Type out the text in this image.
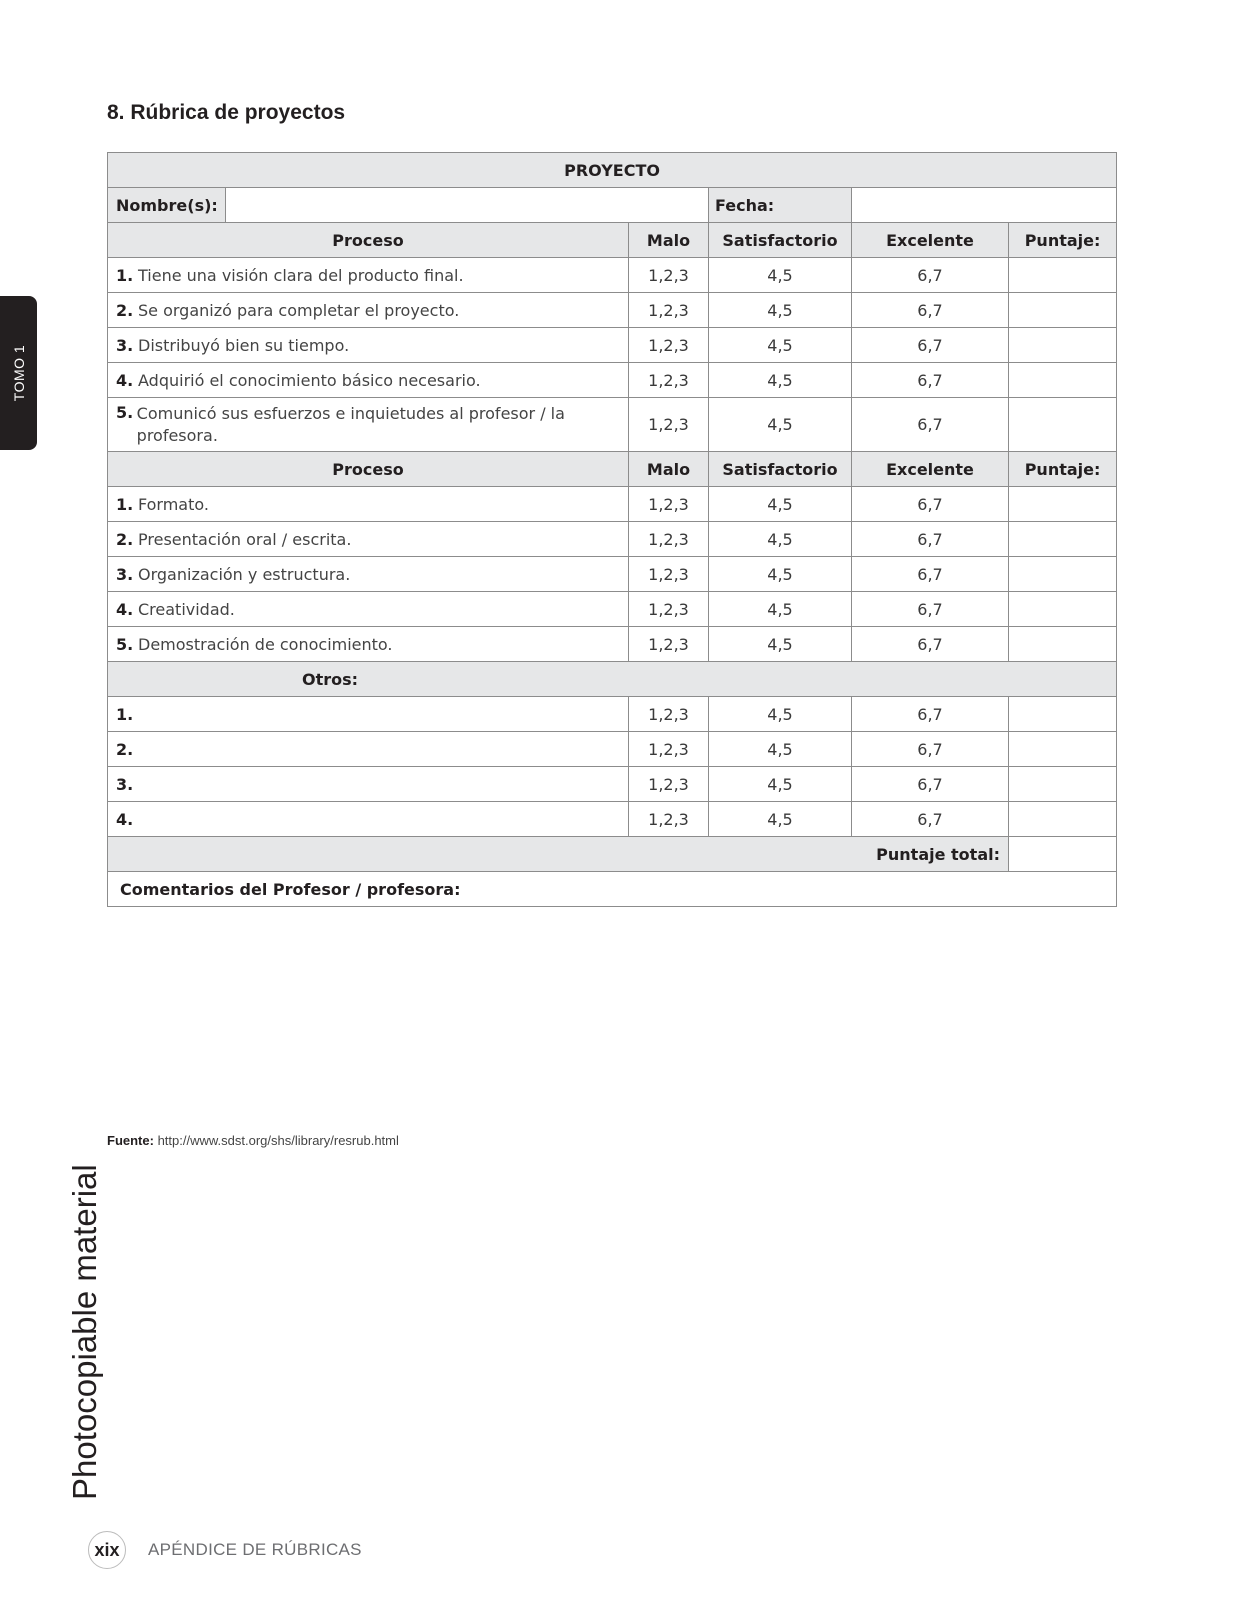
TOMO 1
Photocopiable material
8. Rúbrica de proyectos
PROYECTO					
Nombre(s):			Fecha:		
Proceso		Malo	Satisfactorio	Excelente	Puntaje:
1. Tiene una visión clara del producto final.		1,2,3	4,5	6,7	
2. Se organizó para completar el proyecto.		1,2,3	4,5	6,7	
3. Distribuyó bien su tiempo.		1,2,3	4,5	6,7	
4. Adquirió el conocimiento básico necesario.		1,2,3	4,5	6,7	

5. Comunicó sus esfuerzos e inquietudes al profesor / la profesora.		1,2,3	4,5	6,7	
Proceso		Malo	Satisfactorio	Excelente	Puntaje:
1. Formato.		1,2,3	4,5	6,7	
2. Presentación oral / escrita.		1,2,3	4,5	6,7	
3. Organización y estructura.		1,2,3	4,5	6,7	
4. Creatividad.		1,2,3	4,5	6,7	
5. Demostración de conocimiento.		1,2,3	4,5	6,7	
Otros:					
1.		1,2,3	4,5	6,7	
2.		1,2,3	4,5	6,7	
3.		1,2,3	4,5	6,7	
4.		1,2,3	4,5	6,7	
Puntaje total:					
Comentarios del Profesor / profesora:					
Fuente: http://www.sdst.org/shs/library/resrub.html
xix	APÉNDICE DE RÚBRICAS
